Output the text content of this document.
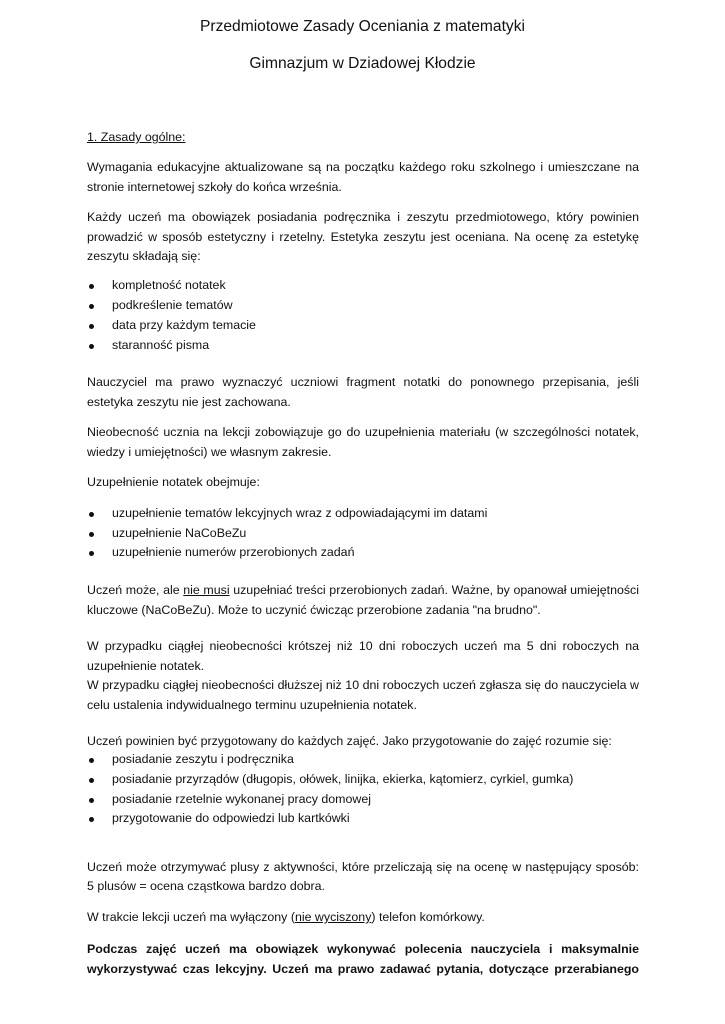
Przedmiotowe Zasady Oceniania z matematyki
Gimnazjum w Dziadowej Kłodzie
1. Zasady ogólne:

Wymagania edukacyjne aktualizowane są na początku każdego roku szkolnego i umieszczane na stronie internetowej szkoły do końca września.

Każdy uczeń ma obowiązek posiadania podręcznika i zeszytu przedmiotowego, który powinien prowadzić w sposób estetyczny i rzetelny. Estetyka zeszytu jest oceniana. Na ocenę za estetykę zeszytu składają się:

kompletność notatek
podkreślenie tematów
data przy każdym temacie
staranność pisma

Nauczyciel ma prawo wyznaczyć uczniowi fragment notatki do ponownego przepisania, jeśli estetyka zeszytu nie jest zachowana.

Nieobecność ucznia na lekcji zobowiązuje go do uzupełnienia materiału (w szczególności notatek, wiedzy i umiejętności) we własnym zakresie.

Uzupełnienie notatek obejmuje:

uzupełnienie tematów lekcyjnych wraz z odpowiadającymi im datami
uzupełnienie NaCoBeZu
uzupełnienie numerów przerobionych zadań

Uczeń może, ale nie musi uzupełniać treści przerobionych zadań. Ważne, by opanował umiejętności kluczowe (NaCoBeZu). Może to uczynić ćwicząc przerobione zadania "na brudno".

W przypadku ciągłej nieobecności krótszej niż 10 dni roboczych uczeń ma 5 dni roboczych na uzupełnienie notatek.

W przypadku ciągłej nieobecności dłuższej niż 10 dni roboczych uczeń zgłasza się do nauczyciela w celu ustalenia indywidualnego terminu uzupełnienia notatek.

Uczeń powinien być przygotowany do każdych zajęć. Jako przygotowanie do zajęć rozumie się:

posiadanie zeszytu i podręcznika
posiadanie przyrządów (długopis, ołówek, linijka, ekierka, kątomierz, cyrkiel, gumka)
posiadanie rzetelnie wykonanej pracy domowej
przygotowanie do odpowiedzi lub kartkówki

Uczeń może otrzymywać plusy z aktywności, które przeliczają się na ocenę w następujący sposób:

5 plusów = ocena cząstkowa bardzo dobra.

W trakcie lekcji uczeń ma wyłączony (nie wyciszony) telefon komórkowy.

Podczas zajęć uczeń ma obowiązek wykonywać polecenia nauczyciela i maksymalnie

wykorzystywać czas lekcyjny. Uczeń ma prawo zadawać pytania, dotyczące przerabianego
